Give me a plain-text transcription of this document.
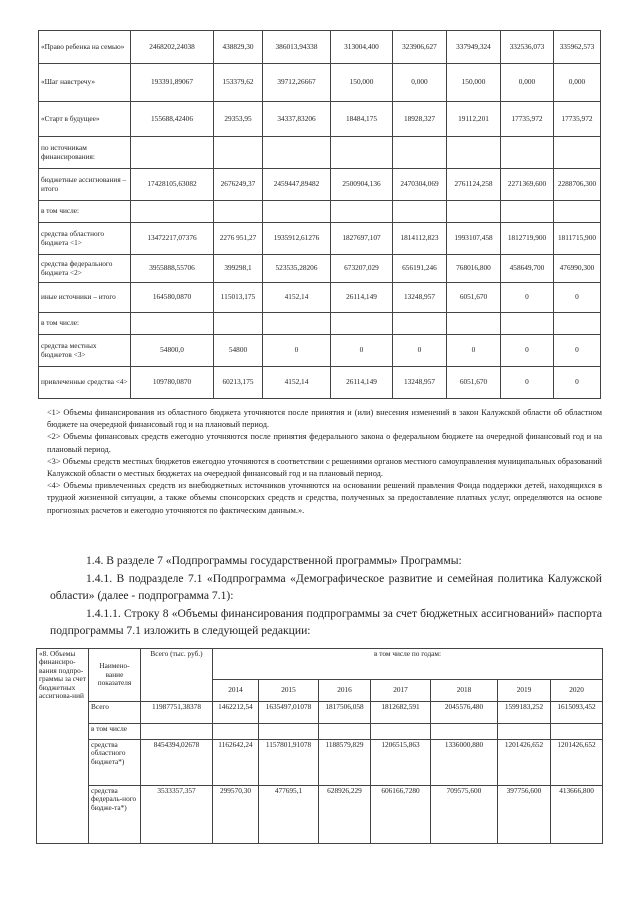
«Право ребенка на семью»	2468202,24038	438829,30	386013,94338	313004,400	323906,627	337949,324	332536,073	335962,573
«Шаг навстречу»	193391,89067	153379,62	39712,26667	150,000	0,000	150,000	0,000	0,000
«Старт в будущее»	155688,42406	29353,95	34337,83206	18484,175	18928,327	19112,201	17735,972	17735,972
по источникам финансирования:								
бюджетные ассигнования – итого	17428105,63082	2676249,37	2459447,89482	2500904,136	2470304,069	2761124,258	2271369,600	2288706,300
в том числе:								
средства областного бюджета <1>	13472217,07376	2276 951,27	1935912,61276	1827697,107	1814112,823	1993107,458	1812719,900	1811715,900
средства федерального бюджета <2>	3955888,55706	399298,1	523535,28206	673207,029	656191,246	768016,800	458649,700	476990,300
иные источники – итого	164580,0870	115013,175	4152,14	26114,149	13248,957	6051,670	0	0
в том числе:								
средства местных бюджетов <3>	54800,0	54800	0	0	0	0	0	0
привлеченные средства <4>	109780,0870	60213,175	4152,14	26114,149	13248,957	6051,670	0	0

<1> Объемы финансирования из областного бюджета уточняются после принятия и (или) внесения изменений в закон Калужской области об областном бюджете на очередной финансовый год и на плановый период.

<2> Объемы финансовых средств ежегодно уточняются после принятия федерального закона о федеральном бюджете на очередной финансовый год и на плановый период.

<3> Объемы средств местных бюджетов ежегодно уточняются в соответствии с решениями органов местного самоуправления муниципальных образований Калужской области о местных бюджетах на очередной финансовый год и на плановый период.

<4> Объемы привлеченных средств из внебюджетных источников уточняются на основании решений правления Фонда поддержки детей, находящихся в трудной жизненной ситуации, а также объемы спонсорских средств и средства, полученных за предоставление платных услуг, определяются на основе прогнозных расчетов и ежегодно уточняются по фактическим данным.».

1.4. В разделе 7 «Подпрограммы государственной программы» Программы:

1.4.1. В подразделе 7.1 «Подпрограмма «Демографическое развитие и семейная политика Калужской области» (далее - подпрограмма 7.1):

1.4.1.1. Строку 8 «Объемы финансирования подпрограммы за счет бюджетных ассигнований» паспорта подпрограммы 7.1 изложить в следующей редакции:

«8. Объемы финансиро-вания подпро-граммы за счет бюджетных ассигнова-ний	Наимено-вание показателя	Всего (тыс. руб.)	в том числе по годам:						
			2014	2015	2016	2017	2018	2019	2020
	Всего	11987751,38378	1462212,54	1635497,01078	1817506,058	1812682,591	2045576,480	1599183,252	1615093,452
	в том числе								
	средства областного бюджета*)	8454394,02678	1162642,24	1157801,91078	1188579,829	1206515,863	1336000,880	1201426,652	1201426,652
	средства федераль-ного бюдже-та*)	3533357,357	299570,30	477695,1	628926,229	606166,7280	709575,600	397756,600	413666,800
